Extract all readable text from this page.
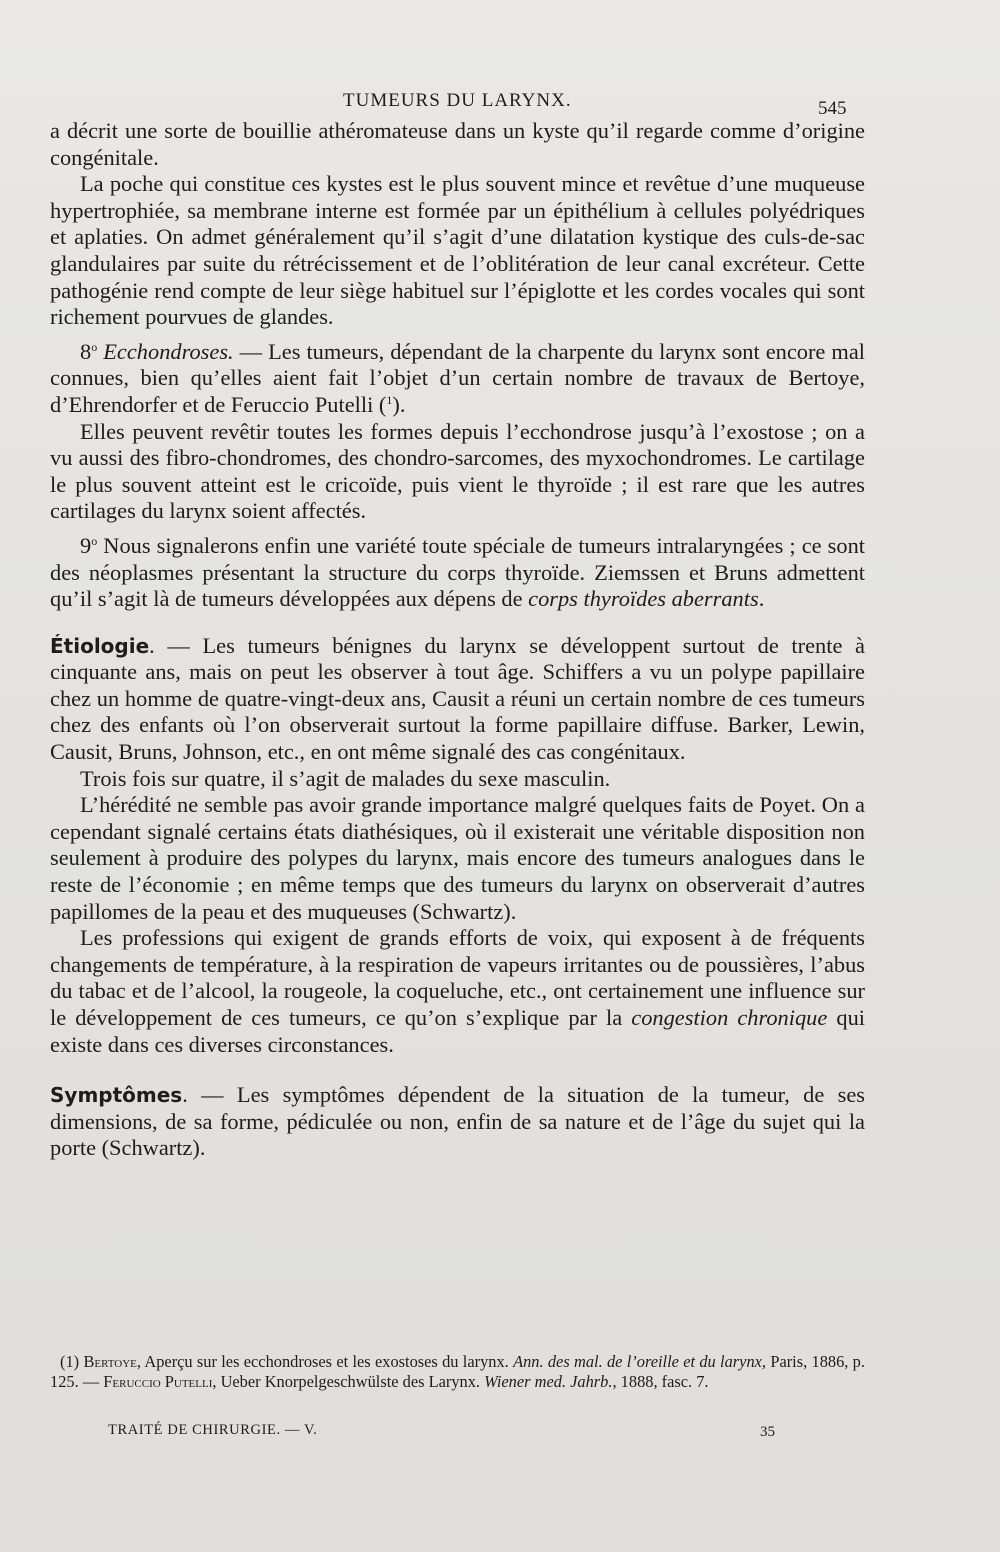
TUMEURS DU LARYNX.	545

a décrit une sorte de bouillie athéromateuse dans un kyste qu’il regarde comme d’origine congénitale.

La poche qui constitue ces kystes est le plus souvent mince et revêtue d’une muqueuse hypertrophiée, sa membrane interne est formée par un épithélium à cellules polyédriques et aplaties. On admet généralement qu’il s’agit d’une dilatation kystique des culs-de-sac glandulaires par suite du rétrécissement et de l’oblitération de leur canal excréteur. Cette pathogénie rend compte de leur siège habituel sur l’épiglotte et les cordes vocales qui sont richement pourvues de glandes.

8$^o$ Ecchondroses. — Les tumeurs, dépendant de la charpente du larynx sont encore mal connues, bien qu’elles aient fait l’objet d’un certain nombre de travaux de Bertoye, d’Ehrendorfer et de Feruccio Putelli ($^1$).

Elles peuvent revêtir toutes les formes depuis l’ecchondrose jusqu’à l’exostose ; on a vu aussi des fibro-chondromes, des chondro-sarcomes, des myxochondromes. Le cartilage le plus souvent atteint est le cricoïde, puis vient le thyroïde ; il est rare que les autres cartilages du larynx soient affectés.

9$^o$ Nous signalerons enfin une variété toute spéciale de tumeurs intralaryngées ; ce sont des néoplasmes présentant la structure du corps thyroïde. Ziemssen et Bruns admettent qu’il s’agit là de tumeurs développées aux dépens de corps thyroïdes aberrants.

Étiologie. — Les tumeurs bénignes du larynx se développent surtout de trente à cinquante ans, mais on peut les observer à tout âge. Schiffers a vu un polype papillaire chez un homme de quatre-vingt-deux ans, Causit a réuni un certain nombre de ces tumeurs chez des enfants où l’on observerait surtout la forme papillaire diffuse. Barker, Lewin, Causit, Bruns, Johnson, etc., en ont même signalé des cas congénitaux.

Trois fois sur quatre, il s’agit de malades du sexe masculin.

L’hérédité ne semble pas avoir grande importance malgré quelques faits de Poyet. On a cependant signalé certains états diathésiques, où il existerait une véritable disposition non seulement à produire des polypes du larynx, mais encore des tumeurs analogues dans le reste de l’économie ; en même temps que des tumeurs du larynx on observerait d’autres papillomes de la peau et des muqueuses (Schwartz).

Les professions qui exigent de grands efforts de voix, qui exposent à de fréquents changements de température, à la respiration de vapeurs irritantes ou de poussières, l’abus du tabac et de l’alcool, la rougeole, la coqueluche, etc., ont certainement une influence sur le développement de ces tumeurs, ce qu’on s’explique par la congestion chronique qui existe dans ces diverses circonstances.

Symptômes. — Les symptômes dépendent de la situation de la tumeur, de ses dimensions, de sa forme, pédiculée ou non, enfin de sa nature et de l’âge du sujet qui la porte (Schwartz).

(1) Bertoye, Aperçu sur les ecchondroses et les exostoses du larynx. Ann. des mal. de l’oreille et du larynx, Paris, 1886, p. 125. — Feruccio Putelli, Ueber Knorpelgeschwülste des Larynx. Wiener med. Jahrb., 1888, fasc. 7.

TRAITÉ DE CHIRURGIE. — V.	35
